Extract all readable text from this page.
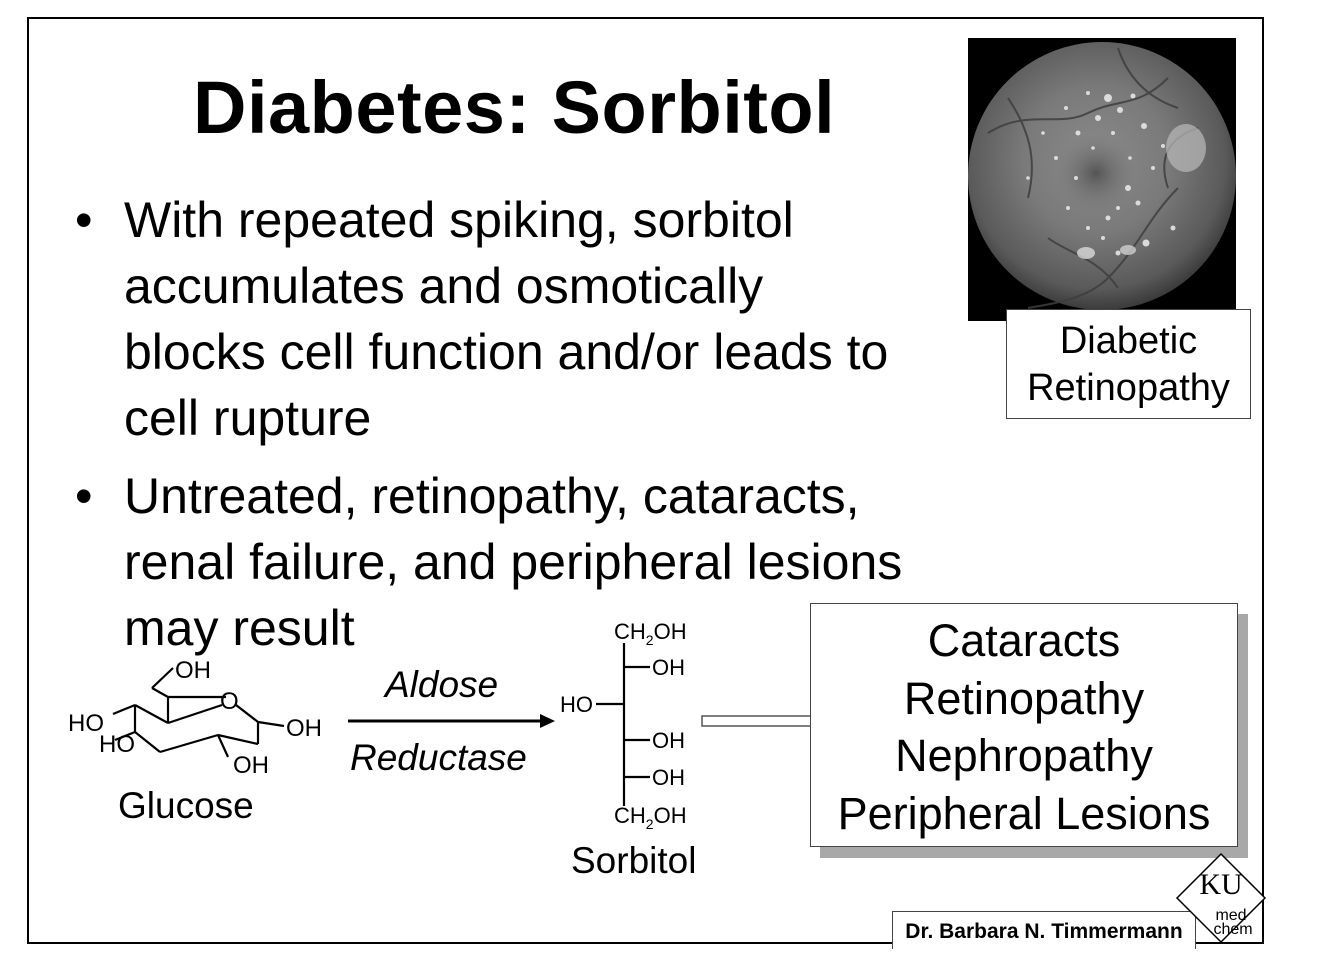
Diabetes: Sorbitol
• With repeated spiking, sorbitol
accumulates and osmotically
blocks cell function and/or leads to
cell rupture
• Untreated, retinopathy, cataracts,
renal failure, and peripheral lesions
may result
Diabetic
Retinopathy
OH
O
HO
HO
OH
OH
Glucose
Aldose
Reductase
$CH_2OH$
OH
HO
OH
OH
$CH_2OH$
Sorbitol
Cataracts
Retinopathy
Nephropathy
Peripheral Lesions
Dr. Barbara N. Timmermann
KU
med
chem
